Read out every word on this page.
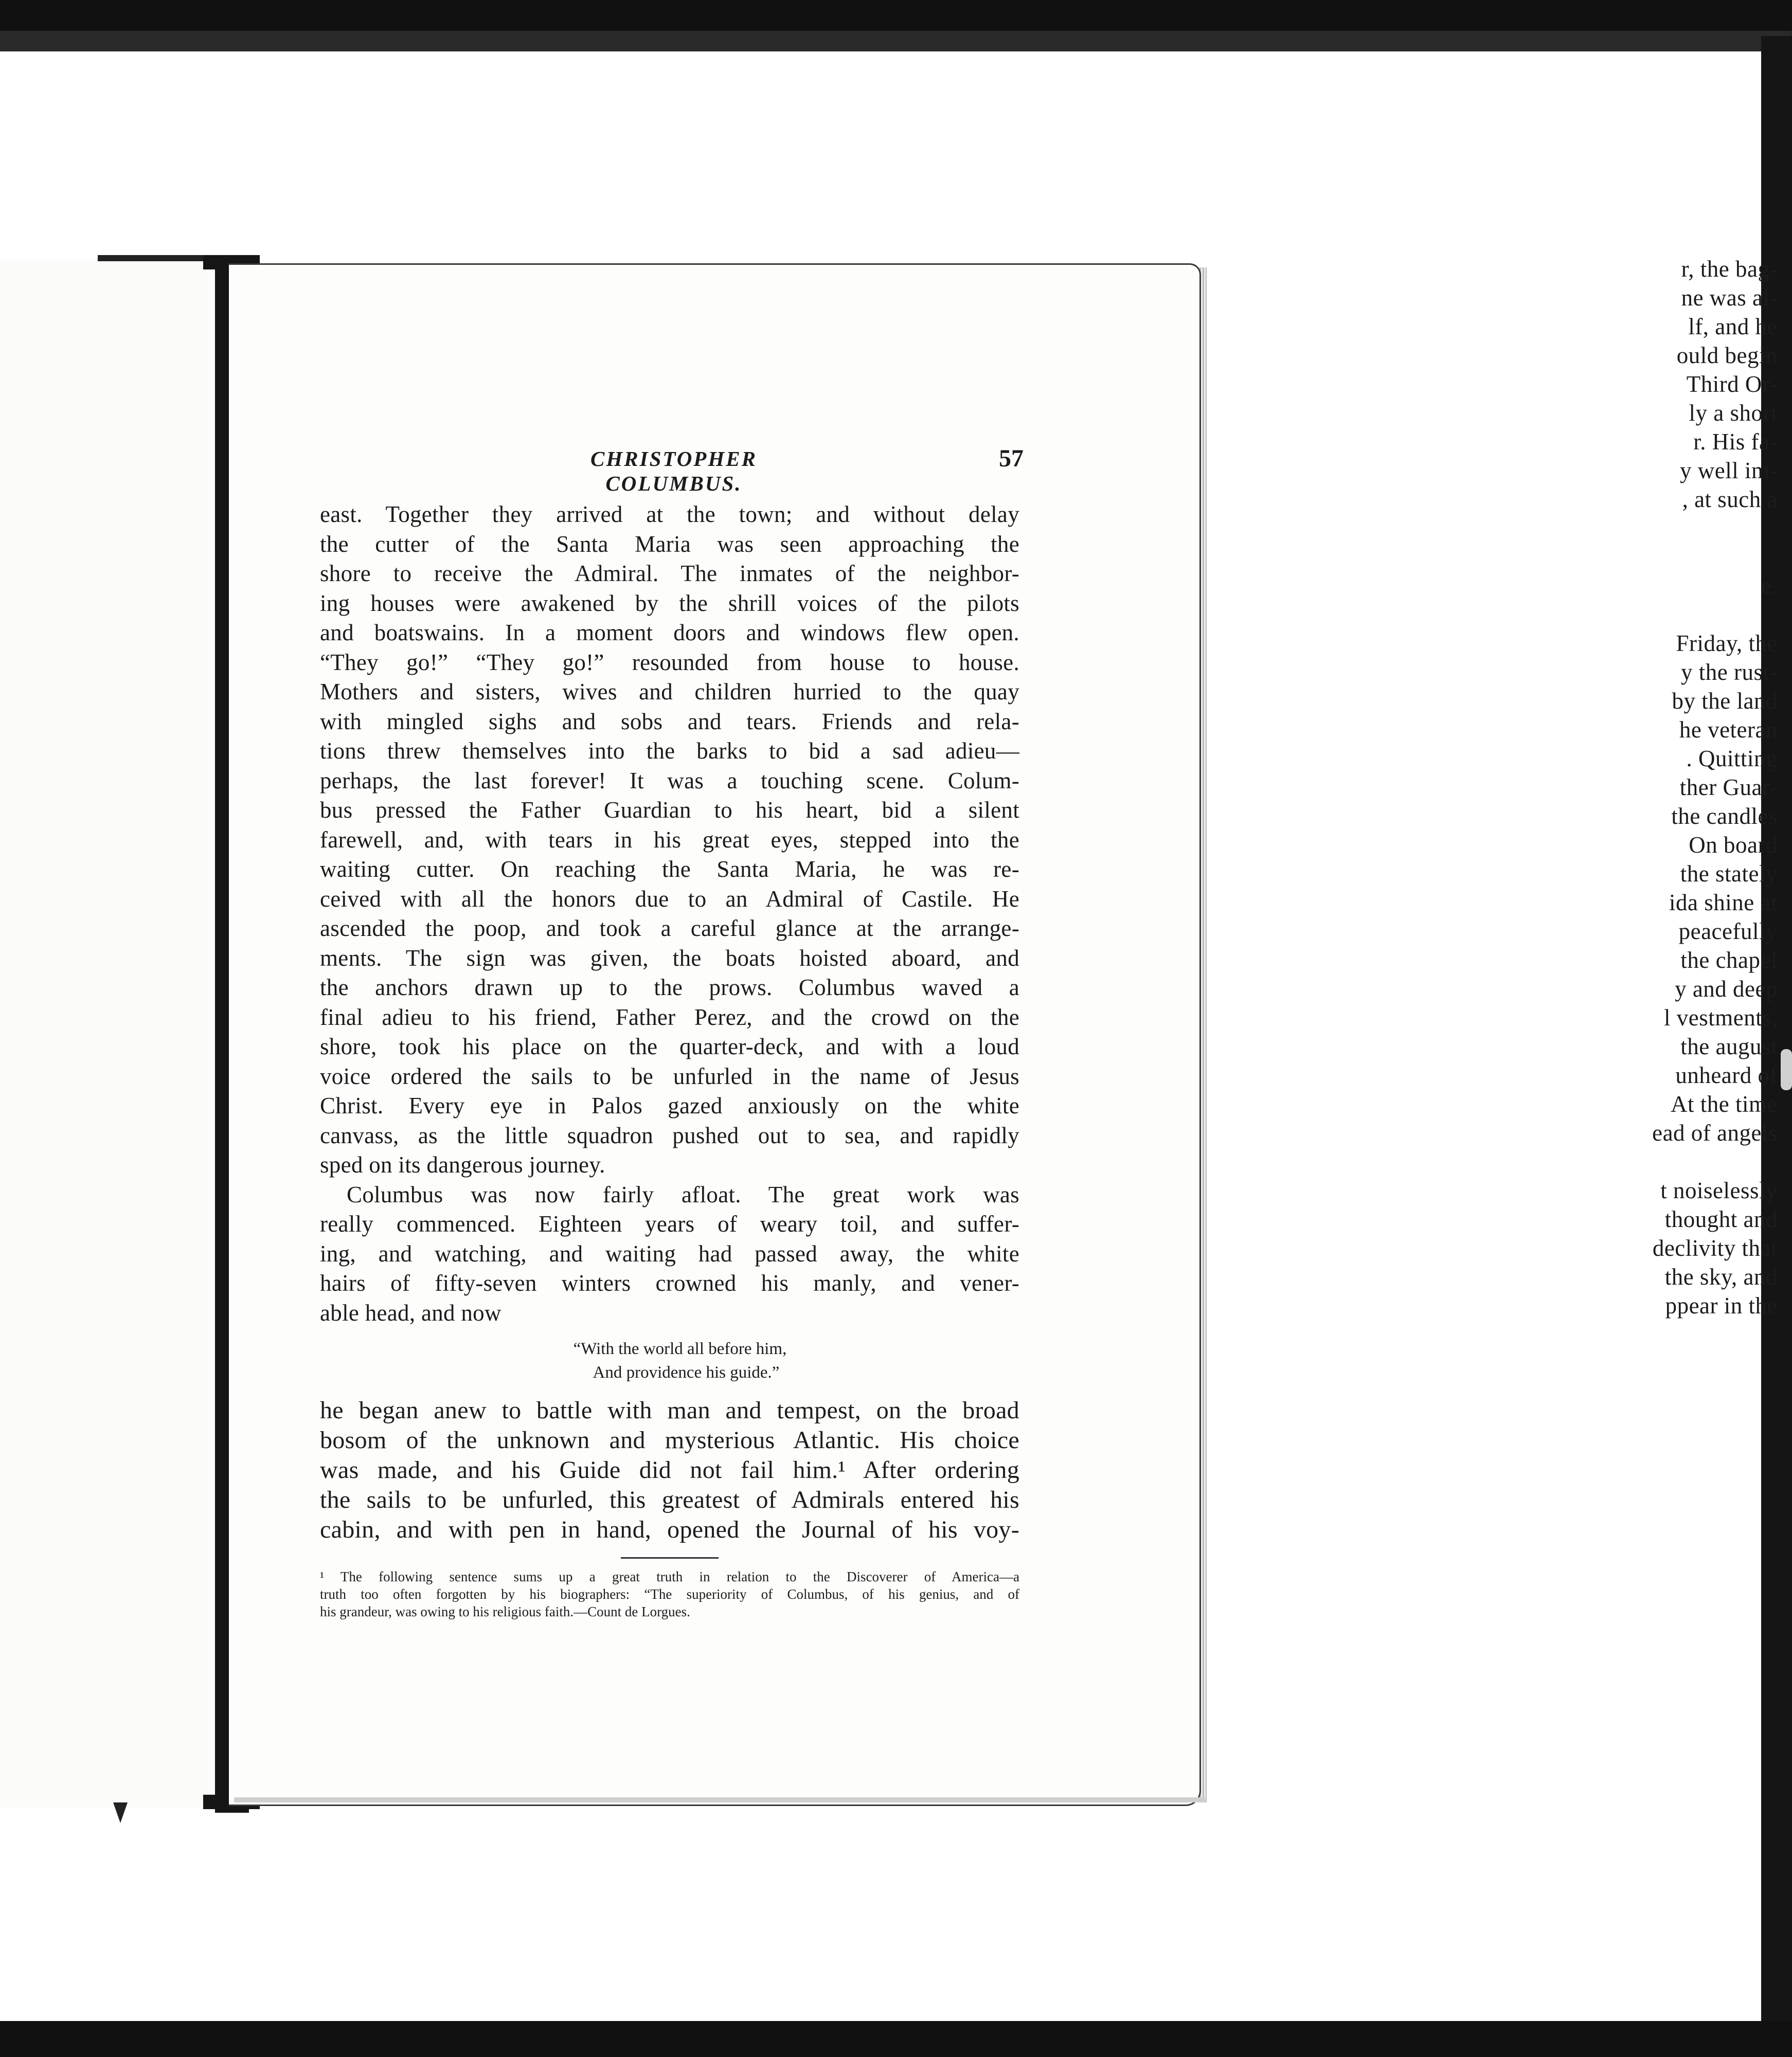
r, the bag-
ne was al-
lf, and he
ould begin
Third Or-
ly a short
r. His fa-
y well im-
, at such a
e.
Friday, the
y the rust-
by the land
he veteran
. Quitting
ther Guar-
the candles
On board
the stately
ida shine at
peacefully
the chapel
y and deep
l vestments,
the august
unheard of
At the time
ead of angels
t noiselessly
thought and
declivity that
the sky, and
ppear in the
CHRISTOPHER COLUMBUS.
57
east. Together they arrived at the town; and without delay
the cutter of the Santa Maria was seen approaching the
shore to receive the Admiral. The inmates of the neighbor-
ing houses were awakened by the shrill voices of the pilots
and boatswains. In a moment doors and windows flew open.
“They go!” “They go!” resounded from house to house.
Mothers and sisters, wives and children hurried to the quay
with mingled sighs and sobs and tears. Friends and rela-
tions threw themselves into the barks to bid a sad adieu—
perhaps, the last forever! It was a touching scene. Colum-
bus pressed the Father Guardian to his heart, bid a silent
farewell, and, with tears in his great eyes, stepped into the
waiting cutter. On reaching the Santa Maria, he was re-
ceived with all the honors due to an Admiral of Castile. He
ascended the poop, and took a careful glance at the arrange-
ments. The sign was given, the boats hoisted aboard, and
the anchors drawn up to the prows. Columbus waved a
final adieu to his friend, Father Perez, and the crowd on the
shore, took his place on the quarter-deck, and with a loud
voice ordered the sails to be unfurled in the name of Jesus
Christ. Every eye in Palos gazed anxiously on the white
canvass, as the little squadron pushed out to sea, and rapidly
sped on its dangerous journey.
Columbus was now fairly afloat. The great work was
really commenced. Eighteen years of weary toil, and suffer-
ing, and watching, and waiting had passed away, the white
hairs of fifty-seven winters crowned his manly, and vener-
able head, and now
“With the world all before him,
And providence his guide.”
he began anew to battle with man and tempest, on the broad
bosom of the unknown and mysterious Atlantic. His choice
was made, and his Guide did not fail him.¹ After ordering
the sails to be unfurled, this greatest of Admirals entered his
cabin, and with pen in hand, opened the Journal of his voy-
¹ The following sentence sums up a great truth in relation to the Discoverer of America—a
truth too often forgotten by his biographers: “The superiority of Columbus, of his genius, and of
his grandeur, was owing to his religious faith.—Count de Lorgues.
